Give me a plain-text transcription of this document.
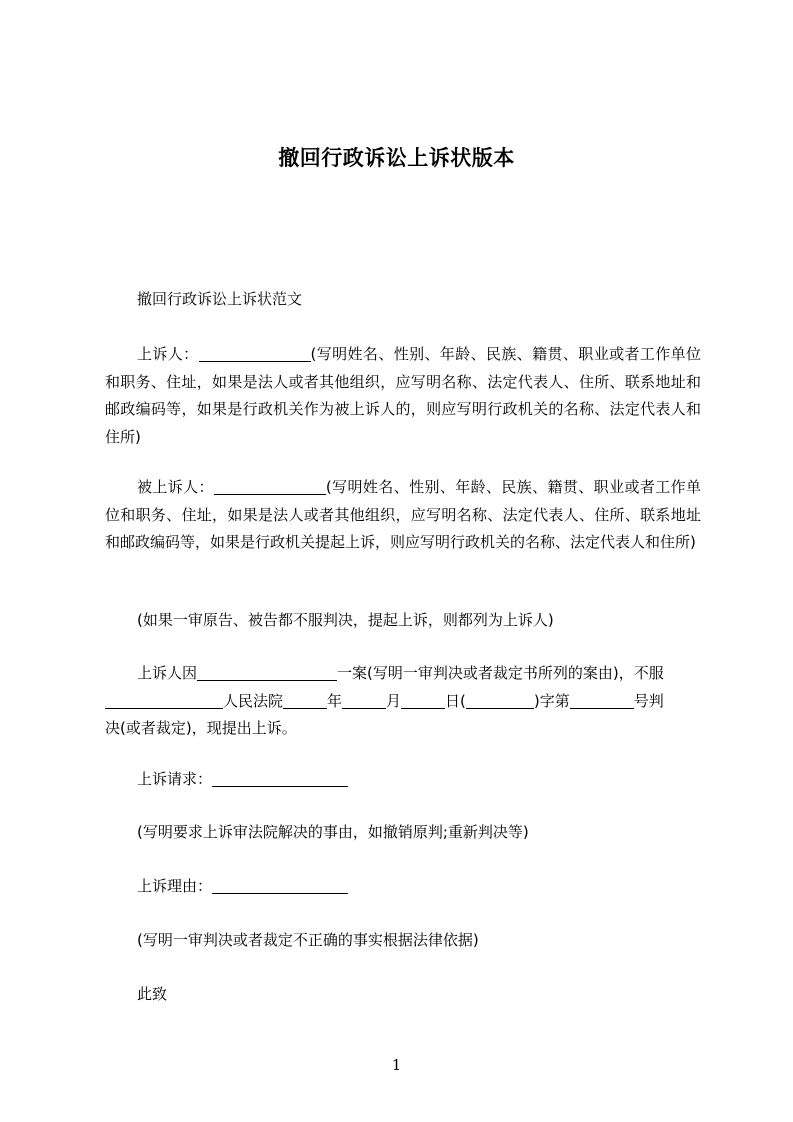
撤回行政诉讼上诉状版本
撤回行政诉讼上诉状范文
上诉人：	(写明姓名、性别、年龄、民族、籍贯、职业或者工作单位和职务、住址，如果是法人或者其他组织，应写明名称、法定代表人、住所、联系地址和邮政编码等，如果是行政机关作为被上诉人的，则应写明行政机关的名称、法定代表人和住所)
被上诉人：	(写明姓名、性别、年龄、民族、籍贯、职业或者工作单位和职务、住址，如果是法人或者其他组织，应写明名称、法定代表人、住所、联系地址和邮政编码等，如果是行政机关提起上诉，则应写明行政机关的名称、法定代表人和住所)
(如果一审原告、被告都不服判决，提起上诉，则都列为上诉人)
上诉人因	一案(写明一审判决或者裁定书所列的案由)，不服
人民法院	年	月	日(	)字第	号判
决(或者裁定)，现提出上诉。
上诉请求：
(写明要求上诉审法院解决的事由，如撤销原判;重新判决等)
上诉理由：
(写明一审判决或者裁定不正确的事实根据法律依据)
此致
1
